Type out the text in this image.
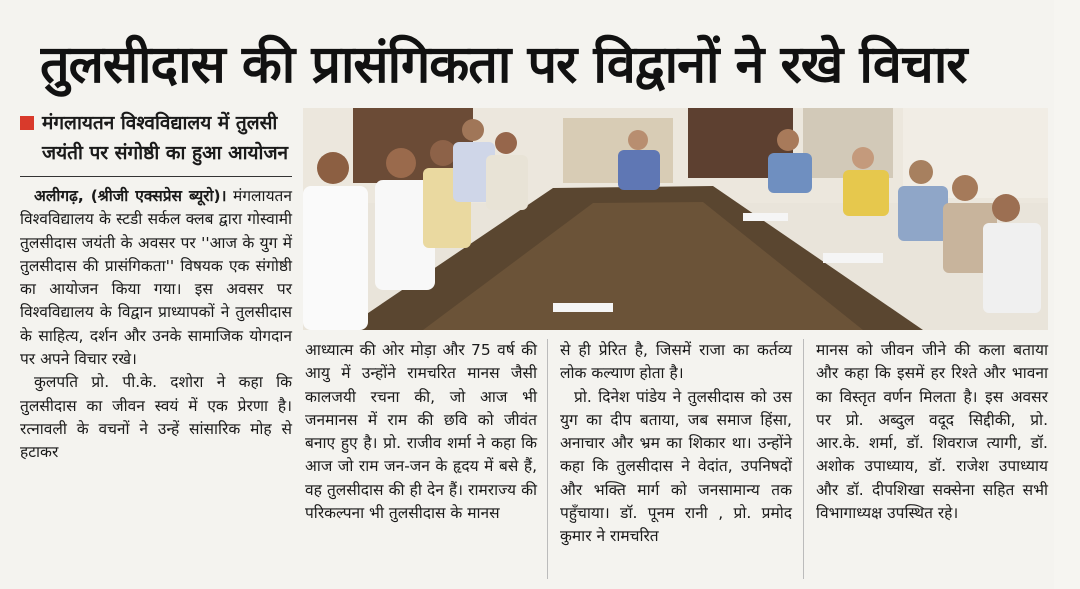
तुलसीदास की प्रासंगिकता पर विद्वानों ने रखे विचार
मंगलायतन विश्वविद्यालय में तुलसी जयंती पर संगोष्ठी का हुआ आयोजन

अलीगढ़, (श्रीजी एक्सप्रेस ब्यूरो)। मंगलायतन विश्वविद्यालय के स्टडी सर्कल क्लब द्वारा गोस्वामी तुलसीदास जयंती के अवसर पर ''आज के युग में तुलसीदास की प्रासंगिकता'' विषयक एक संगोष्ठी का आयोजन किया गया। इस अवसर पर विश्वविद्यालय के विद्वान प्राध्यापकों ने तुलसीदास के साहित्य, दर्शन और उनके सामाजिक योगदान पर अपने विचार रखे।

कुलपति प्रो. पी.के. दशोरा ने कहा कि तुलसीदास का जीवन स्वयं में एक प्रेरणा है। रत्नावली के वचनों ने उन्हें सांसारिक मोह से हटाकर

आध्यात्म की ओर मोड़ा और 75 वर्ष की आयु में उन्होंने रामचरित मानस जैसी कालजयी रचना की, जो आज भी जनमानस में राम की छवि को जीवंत बनाए हुए है। प्रो. राजीव शर्मा ने कहा कि आज जो राम जन-जन के हृदय में बसे हैं, वह तुलसीदास की ही देन हैं। रामराज्य की परिकल्पना भी तुलसीदास के मानस

से ही प्रेरित है, जिसमें राजा का कर्तव्य लोक कल्याण होता है।

प्रो. दिनेश पांडेय ने तुलसीदास को उस युग का दीप बताया, जब समाज हिंसा, अनाचार और भ्रम का शिकार था। उन्होंने कहा कि तुलसीदास ने वेदांत, उपनिषदों और भक्ति मार्ग को जनसामान्य तक पहुँचाया। डॉ. पूनम रानी , प्रो. प्रमोद कुमार ने रामचरित

मानस को जीवन जीने की कला बताया और कहा कि इसमें हर रिश्ते और भावना का विस्तृत वर्णन मिलता है। इस अवसर पर प्रो. अब्दुल वदूद सिद्दीकी, प्रो. आर.के. शर्मा, डॉ. शिवराज त्यागी, डॉ. अशोक उपाध्याय, डॉ. राजेश उपाध्याय और डॉ. दीपशिखा सक्सेना सहित सभी विभागाध्यक्ष उपस्थित रहे।
